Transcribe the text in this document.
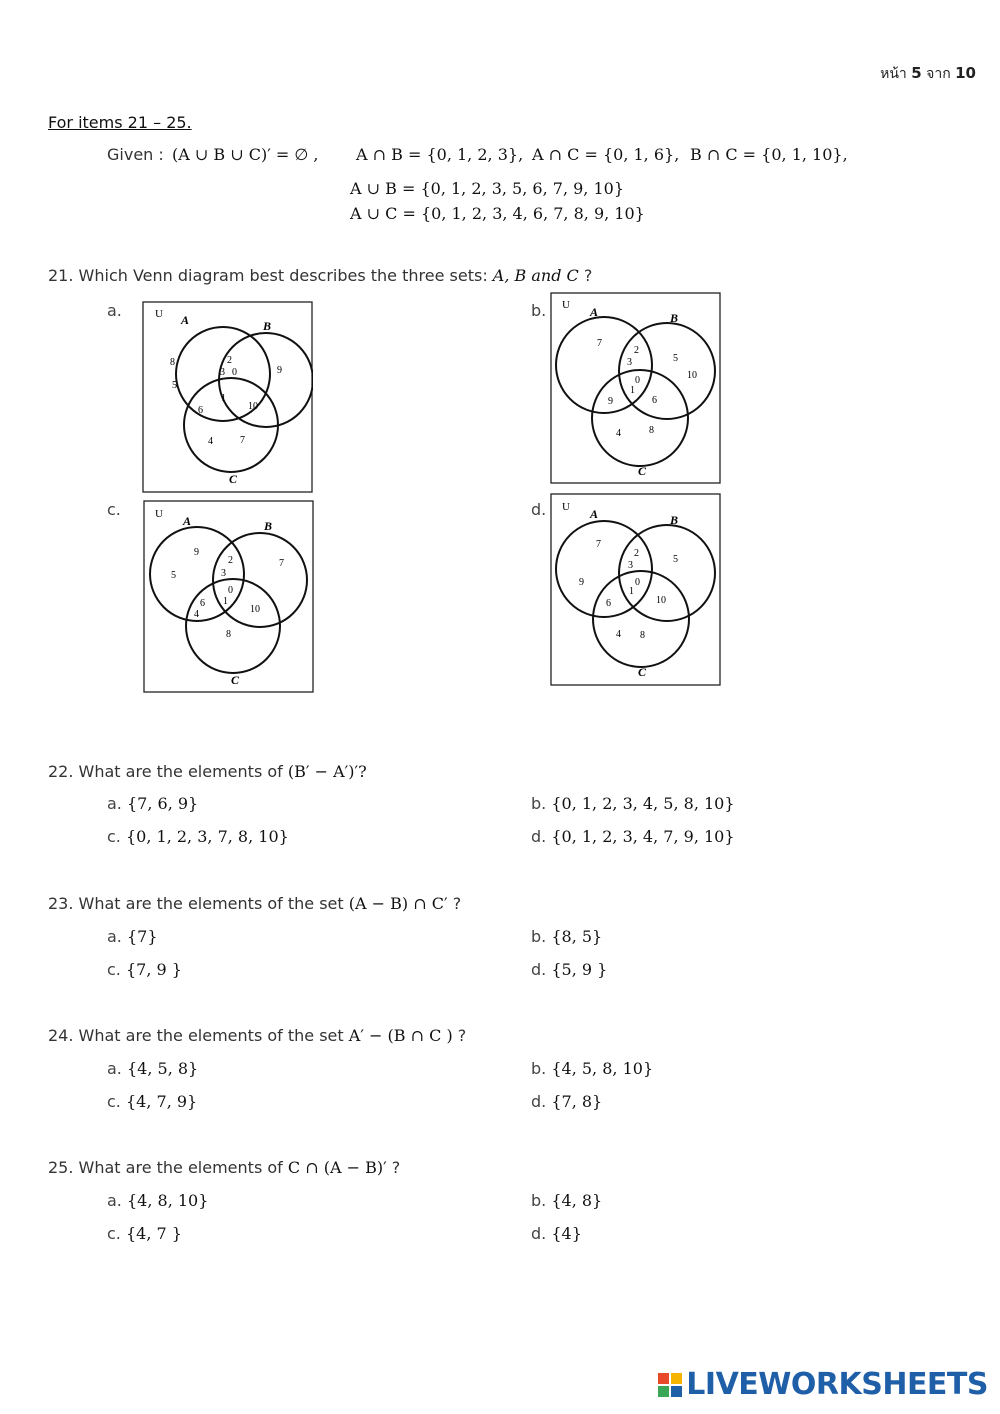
หน้า 5 จาก 10
For items 21 – 25.
Given : (A ∪ B ∪ C)′ = ∅ , A ∩ B = {0, 1, 2, 3}, A ∩ C = {0, 1, 6}, B ∩ C = {0, 1, 10},
A ∪ B = {0, 1, 2, 3, 5, 6, 7, 9, 10}
A ∪ C = {0, 1, 2, 3, 4, 6, 7, 8, 9, 10}
21. Which Venn diagram best describes the three sets: A, B and C ?
a.	U A	B
C
8
5
2
3 0	9
6
1
10
4	7
b. U A	B
C
7
2
3	5
10
0
1
9	6
4	8
c.	U A	B
C
9
5
2
3
7
0
1
6
4	10
8
d. U A	B
C
7
9
2
3
5
0
1
6	10
4 8
22. What are the elements of (B′ − A′)′?
a. {7, 6, 9}	b. {0, 1, 2, 3, 4, 5, 8, 10}
c. {0, 1, 2, 3, 7, 8, 10}	d. {0, 1, 2, 3, 4, 7, 9, 10}
23. What are the elements of the set (A − B) ∩ C′ ?
a. {7}	b. {8, 5}
c. {7, 9 }	d. {5, 9 }
24. What are the elements of the set A′ − (B ∩ C ) ?
a. {4, 5, 8}	b. {4, 5, 8, 10}
c. {4, 7, 9}	d. {7, 8}
25. What are the elements of C ∩ (A − B)′ ?
a. {4, 8, 10}	b. {4, 8}
c. {4, 7 }	d. {4}
LIVEWORKSHEETS
